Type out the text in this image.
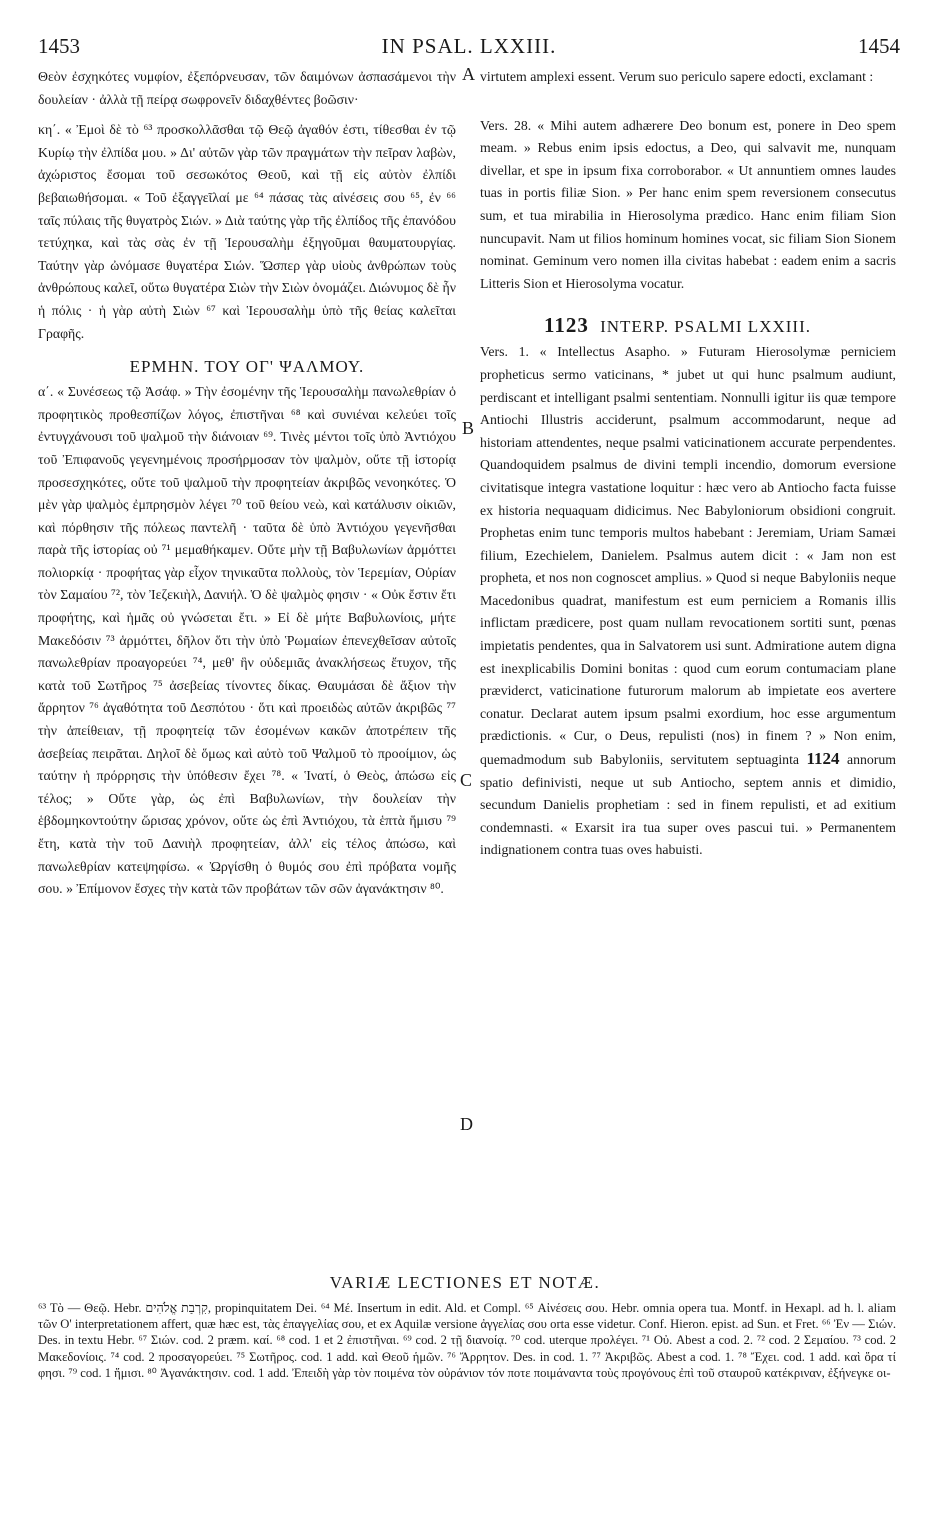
1453	IN PSAL. LXXIII.	1454

Θεὸν ἐσχηκότες νυμφίον, ἐξεπόρνευσαν, τῶν δαιμόνων ἀσπασάμενοι τὴν δουλείαν · ἀλλὰ τῇ πείρᾳ σωφρονεῖν διδαχθέντες βοῶσιν·

κη΄. « Ἐμοὶ δὲ τὸ ⁶³ προσκολλᾶσθαι τῷ Θεῷ ἀγαθόν ἐστι, τίθεσθαι ἐν τῷ Κυρίῳ τὴν ἐλπίδα μου. » Δι' αὐτῶν γὰρ τῶν πραγμάτων τὴν πεῖραν λαβὼν, ἀχώριστος ἔσομαι τοῦ σεσωκότος Θεοῦ, καὶ τῇ εἰς αὐτὸν ἐλπίδι βεβαιωθήσομαι. « Τοῦ ἐξαγγεῖλαί με ⁶⁴ πάσας τὰς αἰνέσεις σου ⁶⁵, ἐν ⁶⁶ ταῖς πύλαις τῆς θυγατρὸς Σιών. » Διὰ ταύτης γὰρ τῆς ἐλπίδος τῆς ἐπανόδου τετύχηκα, καὶ τὰς σὰς ἐν τῇ Ἱερουσαλὴμ ἐξηγοῦμαι θαυματουργίας. Ταύτην γὰρ ὠνόμασε θυγατέρα Σιών. Ὥσπερ γὰρ υἱοὺς ἀνθρώπων τοὺς ἀνθρώπους καλεῖ, οὕτω θυγατέρα Σιὼν τὴν Σιὼν ὀνομάζει. Διώνυμος δὲ ἦν ἡ πόλις · ἡ γὰρ αὐτὴ Σιὼν ⁶⁷ καὶ Ἱερουσαλὴμ ὑπὸ τῆς θείας καλεῖται Γραφῆς.

ΕΡΜΗΝ. ΤΟΥ ΟΓ' ΨΑΛΜΟΥ.

α΄. « Συνέσεως τῷ Ἀσάφ. » Τὴν ἐσομένην τῆς Ἱερουσαλὴμ πανωλεθρίαν ὁ προφητικὸς προθεσπίζων λόγος, ἐπιστῆναι ⁶⁸ καὶ συνιέναι κελεύει τοῖς ἐντυγχάνουσι τοῦ ψαλμοῦ τὴν διάνοιαν ⁶⁹. Τινὲς μέντοι τοῖς ὑπὸ Ἀντιόχου τοῦ Ἐπιφανοῦς γεγενημένοις προσήρμοσαν τὸν ψαλμὸν, οὔτε τῇ ἱστορίᾳ προσεσχηκότες, οὔτε τοῦ ψαλμοῦ τὴν προφητείαν ἀκριβῶς νενοηκότες. Ὁ μὲν γὰρ ψαλμὸς ἐμπρησμὸν λέγει ⁷⁰ τοῦ θείου νεὼ, καὶ κατάλυσιν οἰκιῶν, καὶ πόρθησιν τῆς πόλεως παντελῆ · ταῦτα δὲ ὑπὸ Ἀντιόχου γεγενῆσθαι παρὰ τῆς ἱστορίας οὐ ⁷¹ μεμαθήκαμεν. Οὔτε μὴν τῇ Βαβυλωνίων ἁρμόττει πολιορκίᾳ · προφήτας γὰρ εἶχον τηνικαῦτα πολλοὺς, τὸν Ἱερεμίαν, Οὐρίαν τὸν Σαμαίου ⁷², τὸν Ἰεζεκιὴλ, Δανιήλ. Ὁ δὲ ψαλμὸς φησιν · « Οὐκ ἔστιν ἔτι προφήτης, καὶ ἡμᾶς οὐ γνώσεται ἔτι. » Εἰ δὲ μήτε Βαβυλωνίοις, μήτε Μακεδόσιν ⁷³ ἁρμόττει, δῆλον ὅτι τὴν ὑπὸ Ῥωμαίων ἐπενεχθεῖσαν αὐτοῖς πανωλεθρίαν προαγορεύει ⁷⁴, μεθ' ἣν οὐδεμιᾶς ἀνακλήσεως ἔτυχον, τῆς κατὰ τοῦ Σωτῆρος ⁷⁵ ἀσεβείας τίνοντες δίκας. Θαυμάσαι δὲ ἄξιον τὴν ἄρρητον ⁷⁶ ἀγαθότητα τοῦ Δεσπότου · ὅτι καὶ προειδὼς αὐτῶν ἀκριβῶς ⁷⁷ τὴν ἀπείθειαν, τῇ προφητείᾳ τῶν ἐσομένων κακῶν ἀποτρέπειν τῆς ἀσεβείας πειρᾶται. Δηλοῖ δὲ ὅμως καὶ αὐτὸ τοῦ Ψαλμοῦ τὸ προοίμιον, ὡς ταύτην ἡ πρόρρησις τὴν ὑπόθεσιν ἔχει ⁷⁸. « Ἱνατί, ὁ Θεὸς, ἀπώσω εἰς τέλος; » Οὔτε γὰρ, ὡς ἐπὶ Βαβυλωνίων, τὴν δουλείαν τὴν ἑβδομηκοντούτην ὥρισας χρόνον, οὔτε ὡς ἐπὶ Ἀντιόχου, τὰ ἑπτὰ ἥμισυ ⁷⁹ ἔτη, κατὰ τὴν τοῦ Δανιὴλ προφητείαν, ἀλλ' εἰς τέλος ἀπώσω, καὶ πανωλεθρίαν κατεψηφίσω. « Ὠργίσθη ὁ θυμός σου ἐπὶ πρόβατα νομῆς σου. » Ἐπίμονον ἔσχες τὴν κατὰ τῶν προβάτων τῶν σῶν ἀγανάκτησιν ⁸⁰.

A
B
C
D

virtutem amplexi essent. Verum suo periculo sapere edocti, exclamant :

Vers. 28. « Mihi autem adhærere Deo bonum est, ponere in Deo spem meam. » Rebus enim ipsis edoctus, a Deo, qui salvavit me, nunquam divellar, et spe in ipsum fixa corroborabor. « Ut annuntiem omnes laudes tuas in portis filiæ Sion. » Per hanc enim spem reversionem consecutus sum, et tua mirabilia in Hierosolyma prædico. Hanc enim filiam Sion nuncupavit. Nam ut filios hominum homines vocat, sic filiam Sion Sionem nominat. Geminum vero nomen illa civitas habebat : eadem enim a sacris Litteris Sion et Hierosolyma vocatur.

1123 INTERP. PSALMI LXXIII.

Vers. 1. « Intellectus Asapho. » Futuram Hierosolymæ perniciem propheticus sermo vaticinans, * jubet ut qui hunc psalmum audiunt, perdiscant et intelligant psalmi sententiam. Nonnulli igitur iis quæ tempore Antiochi Illustris acciderunt, psalmum accommodarunt, neque ad historiam attendentes, neque psalmi vaticinationem accurate perpendentes. Quandoquidem psalmus de divini templi incendio, domorum eversione civitatisque integra vastatione loquitur : hæc vero ab Antiocho facta fuisse ex historia nequaquam didicimus. Nec Babyloniorum obsidioni congruit. Prophetas enim tunc temporis multos habebant : Jeremiam, Uriam Samæi filium, Ezechielem, Danielem. Psalmus autem dicit : « Jam non est propheta, et nos non cognoscet amplius. » Quod si neque Babyloniis neque Macedonibus quadrat, manifestum est eum perniciem a Romanis illis inflictam prædicere, post quam nullam revocationem sortiti sunt, pœnas impietatis pendentes, qua in Salvatorem usi sunt. Admiratione autem digna est inexplicabilis Domini bonitas : quod cum eorum contumaciam plane præviderct, vaticinatione futurorum malorum ab impietate eos avertere conatur. Declarat autem ipsum psalmi exordium, hoc esse argumentum prædictionis. « Cur, o Deus, repulisti (nos) in finem ? » Non enim, quemadmodum sub Babyloniis, servitutem septuaginta 1124 annorum spatio definivisti, neque ut sub Antiocho, septem annis et dimidio, secundum Danielis prophetiam : sed in finem repulisti, et ad exitium condemnasti. « Exarsit ira tua super oves pascui tui. » Permanentem indignationem contra tuas oves habuisti.

VARIÆ LECTIONES ET NOTÆ.

⁶³ Τὸ — Θεῷ. Hebr. קִרְבַת אֱלֹהִים, propinquitatem Dei. ⁶⁴ Μέ. Insertum in edit. Ald. et Compl. ⁶⁵ Αἰνέσεις σου. Hebr. omnia opera tua. Montf. in Hexapl. ad h. l. aliam τῶν O' interpretationem affert, quæ hæc est, τὰς ἐπαγγελίας σου, et ex Aquilæ versione ἀγγελίας σου orta esse videtur. Conf. Hieron. epist. ad Sun. et Fret. ⁶⁶ Ἐν — Σιών. Des. in textu Hebr. ⁶⁷ Σιών. cod. 2 præm. καί. ⁶⁸ cod. 1 et 2 ἐπιστῆναι. ⁶⁹ cod. 2 τῇ διανοίᾳ. ⁷⁰ cod. uterque προλέγει. ⁷¹ Οὐ. Abest a cod. 2. ⁷² cod. 2 Σεμαίου. ⁷³ cod. 2 Μακεδονίοις. ⁷⁴ cod. 2 προσαγορεύει. ⁷⁵ Σωτῆρος. cod. 1 add. καὶ Θεοῦ ἡμῶν. ⁷⁶ Ἄρρητον. Des. in cod. 1. ⁷⁷ Ἀκριβῶς. Abest a cod. 1. ⁷⁸ Ἔχει. cod. 1 add. καὶ ὅρα τί φησι. ⁷⁹ cod. 1 ἥμισι. ⁸⁰ Ἀγανάκτησιν. cod. 1 add. Ἐπειδὴ γὰρ τὸν ποιμένα τὸν οὐράνιον τόν ποτε ποιμάναντα τοὺς προγόνους ἐπὶ τοῦ σταυροῦ κατέκριναν, ἐξήνεγκε οι-
